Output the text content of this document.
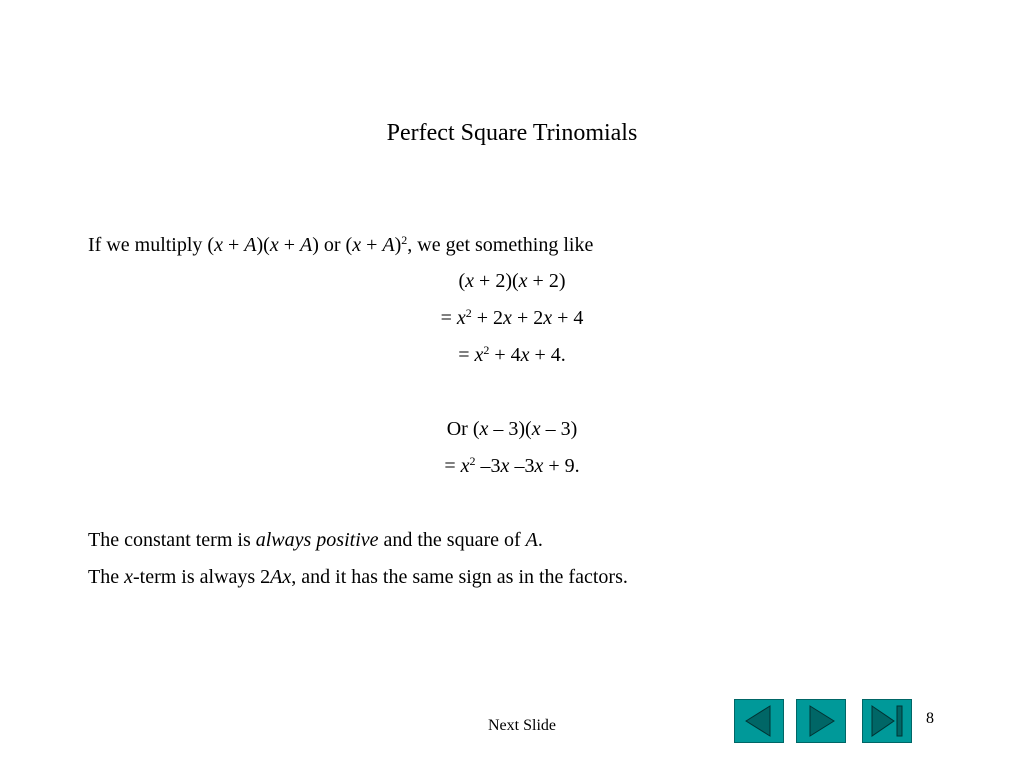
Perfect Square Trinomials
If we multiply (x + A)(x + A) or $(x + A)^2$, we get something like
(x + 2)(x + 2)
= $x^2 + 2x + 2x + 4$
= $x^2 + 4x + 4$.
Or (x – 3)(x – 3)
= $x^2$ –3x –3x + 9.
The constant term is always positive and the square of A.
The x-term is always 2Ax, and it has the same sign as in the factors.
Next Slide	8
